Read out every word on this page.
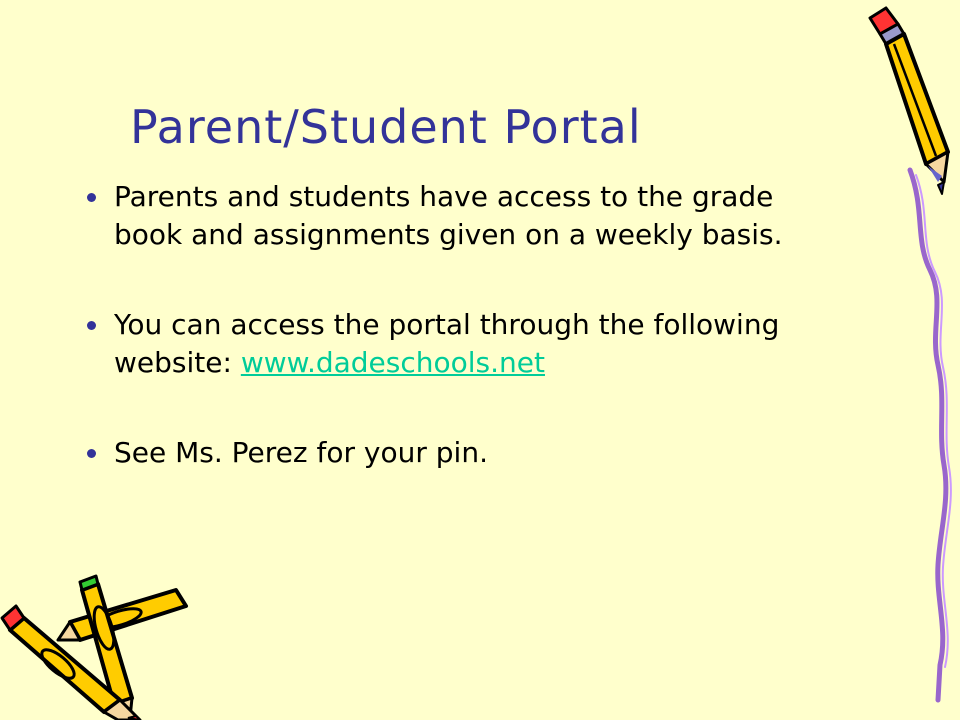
Parent/Student Portal
Parents and students have access to the grade book and assignments given on a weekly basis.
You can access the portal through the following website: www.dadeschools.net
See Ms. Perez for your pin.
